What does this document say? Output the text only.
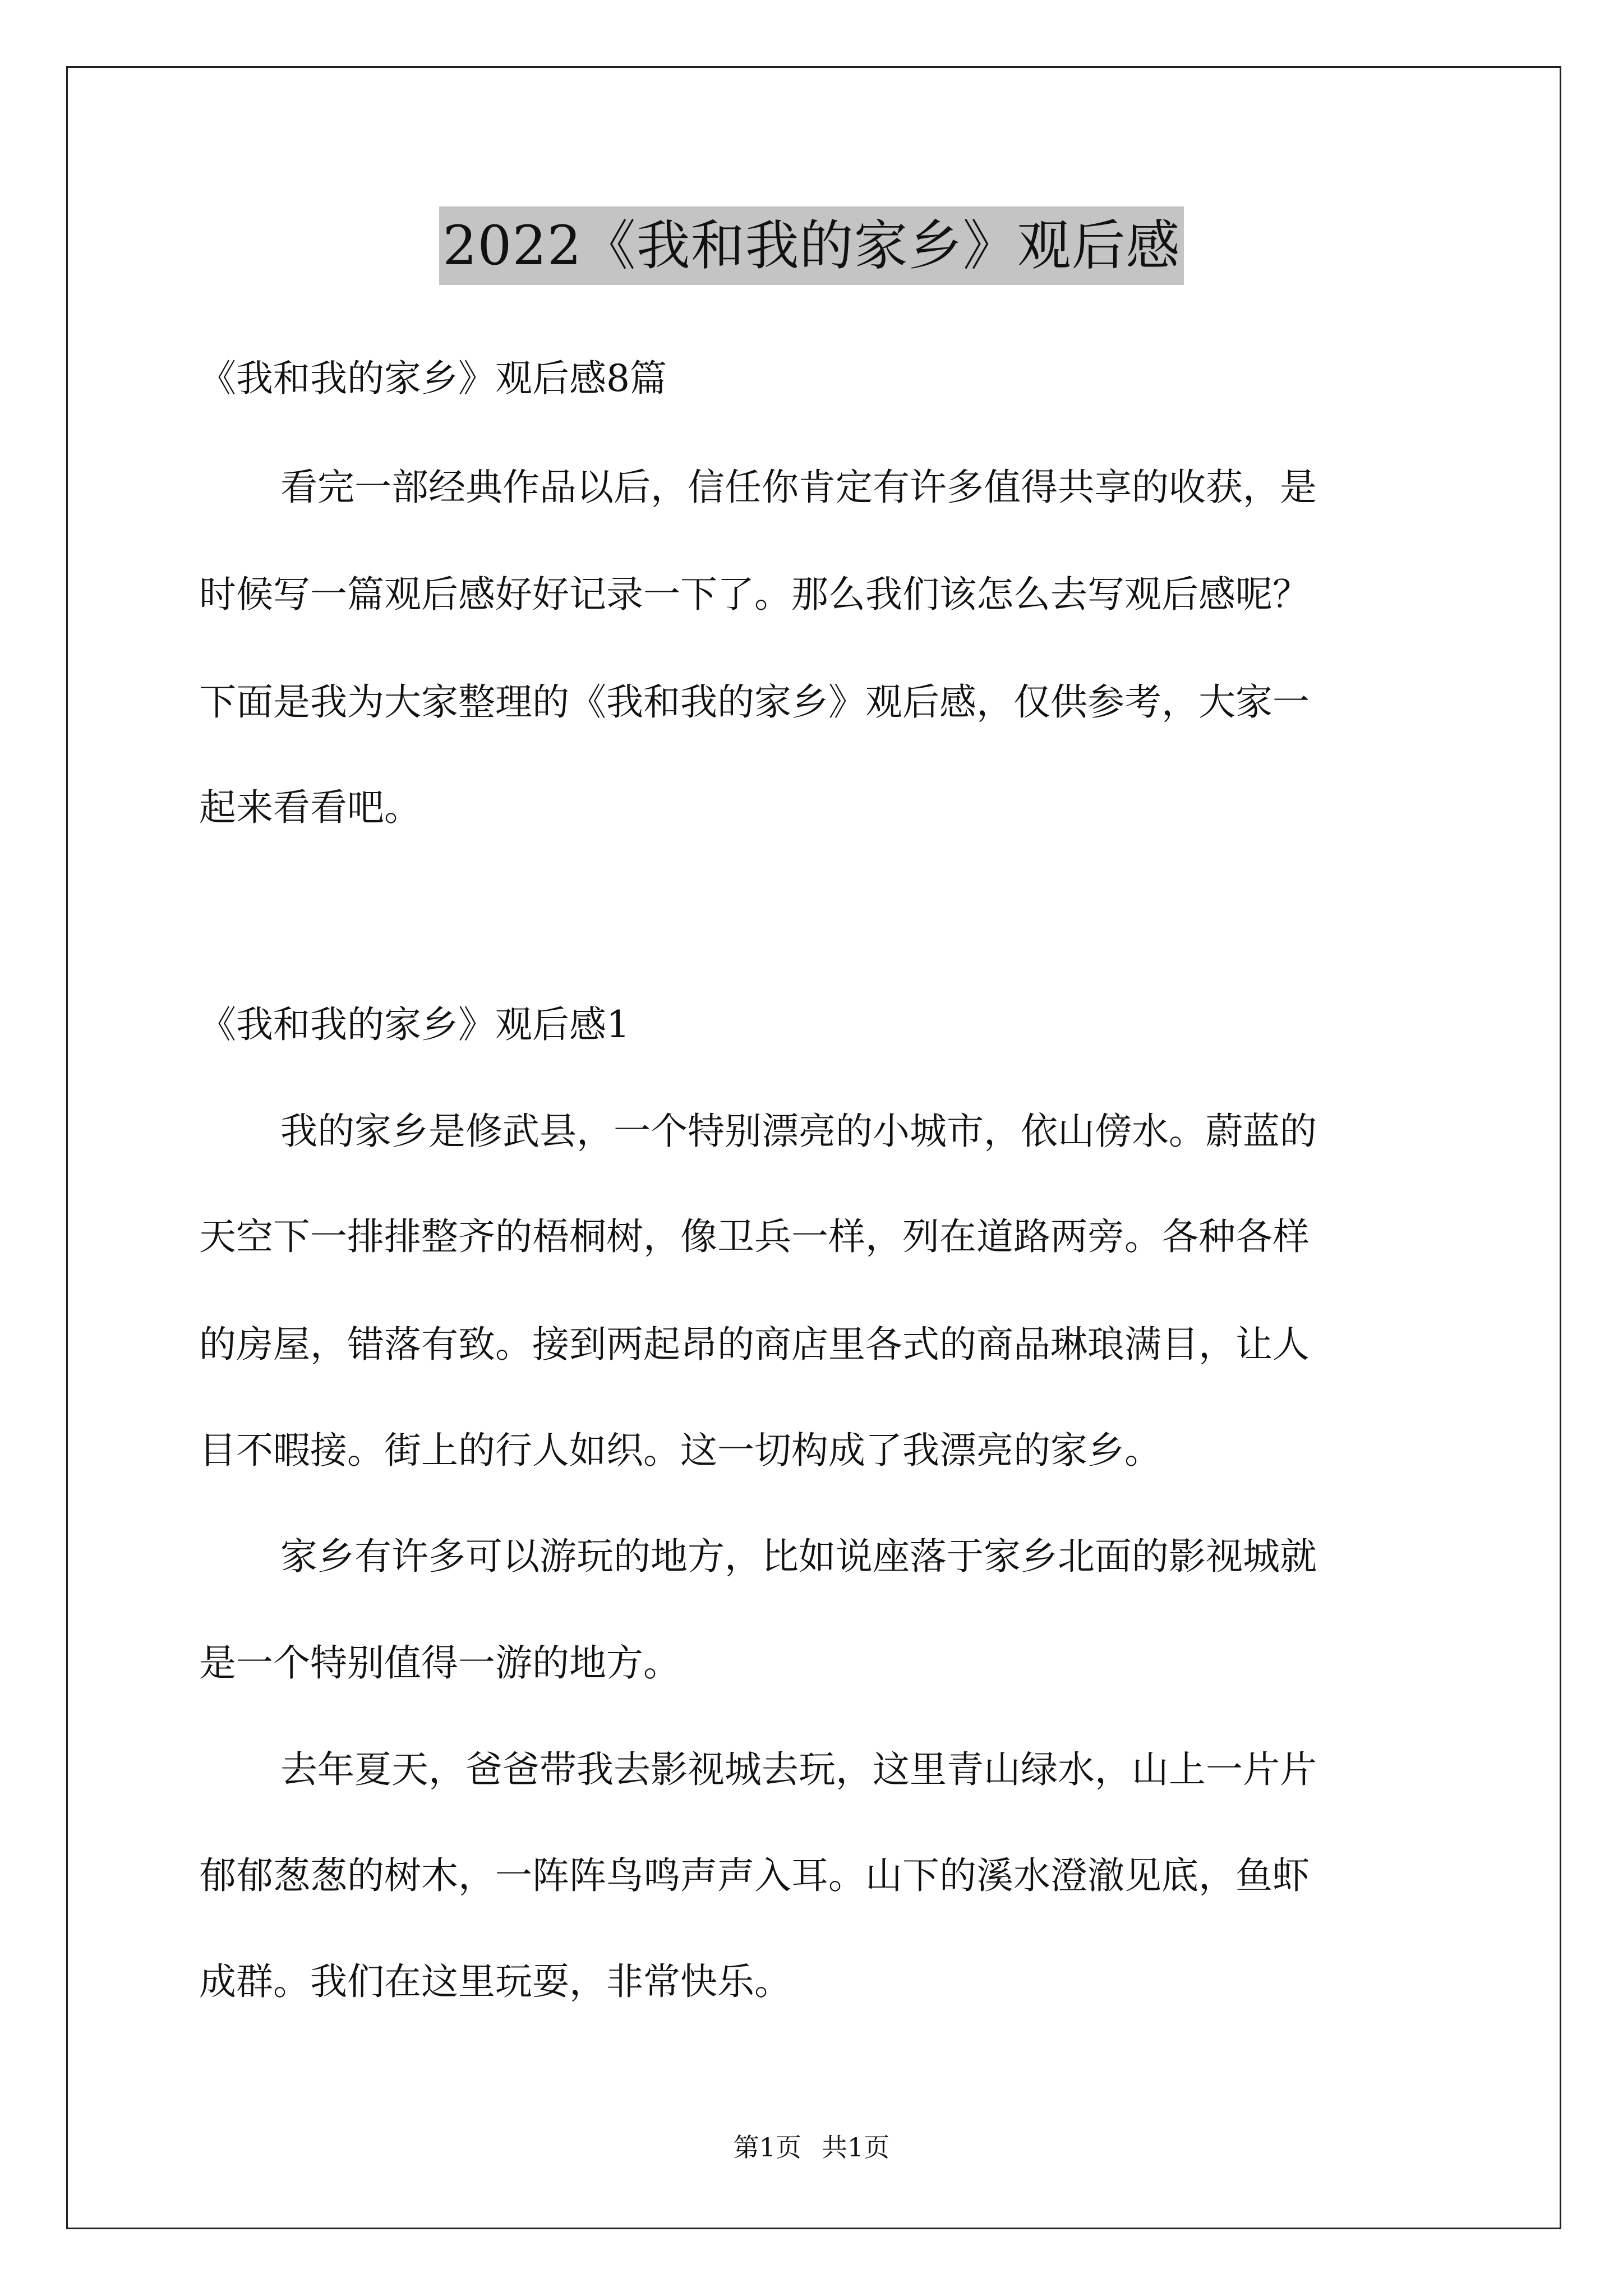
2022《我和我的家乡》观后感
《我和我的家乡》观后感8篇
看完一部经典作品以后，信任你肯定有许多值得共享的收获，是
时候写一篇观后感好好记录一下了。那么我们该怎么去写观后感呢？
下面是我为大家整理的《我和我的家乡》观后感，仅供参考，大家一
起来看看吧。
《我和我的家乡》观后感1
我的家乡是修武县，一个特别漂亮的小城市，依山傍水。蔚蓝的
天空下一排排整齐的梧桐树，像卫兵一样，列在道路两旁。各种各样
的房屋，错落有致。接到两起昂的商店里各式的商品琳琅满目，让人
目不暇接。街上的行人如织。这一切构成了我漂亮的家乡。
家乡有许多可以游玩的地方，比如说座落于家乡北面的影视城就
是一个特别值得一游的地方。
去年夏天，爸爸带我去影视城去玩，这里青山绿水，山上一片片
郁郁葱葱的树木，一阵阵鸟鸣声声入耳。山下的溪水澄澈见底，鱼虾
成群。我们在这里玩耍，非常快乐。
第1页 共1页
